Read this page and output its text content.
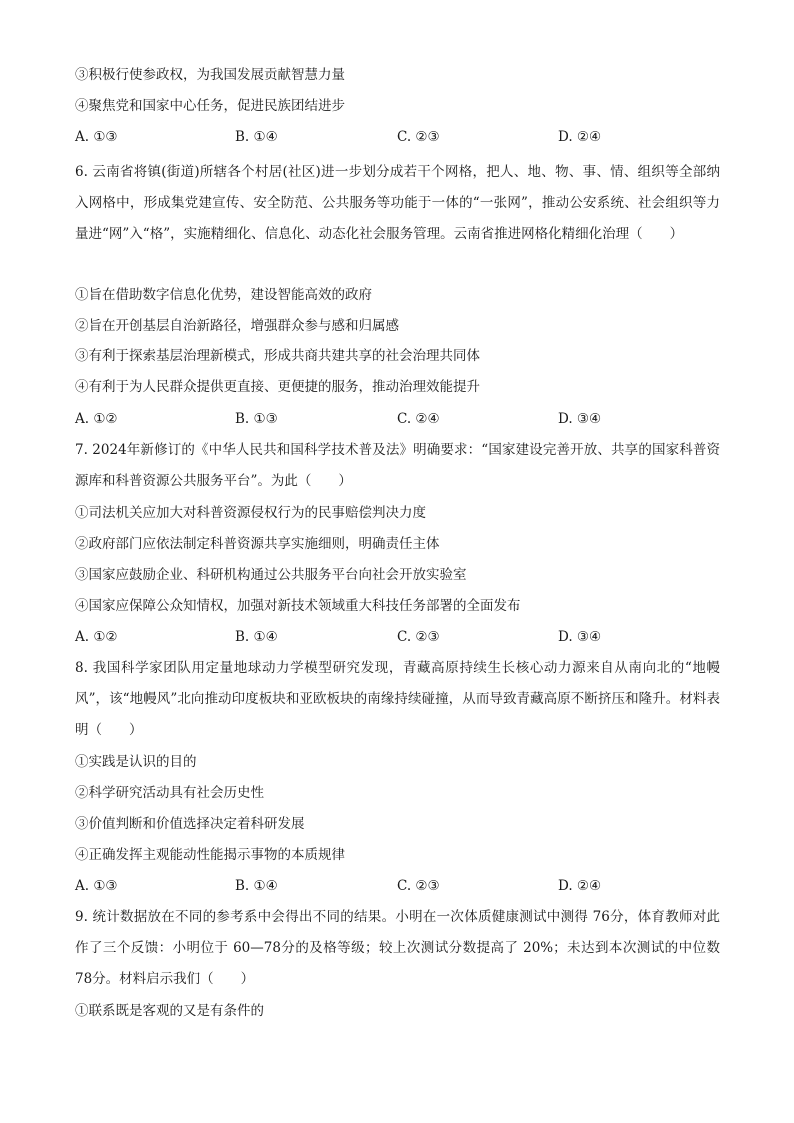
③积极行使参政权，为我国发展贡献智慧力量
④聚焦党和国家中心任务，促进民族团结进步
A. ①③	B. ①④	C. ②③	D. ②④
6. 云南省将镇(街道)所辖各个村居(社区)进一步划分成若干个网格，把人、地、物、事、情、组织等全部纳入网格中，形成集党建宣传、安全防范、公共服务等功能于一体的“一张网”，推动公安系统、社会组织等力量进“网”入“格”，实施精细化、信息化、动态化社会服务管理。云南省推进网格化精细化治理（　　）
①旨在借助数字信息化优势，建设智能高效的政府
②旨在开创基层自治新路径，增强群众参与感和归属感
③有利于探索基层治理新模式，形成共商共建共享的社会治理共同体
④有利于为人民群众提供更直接、更便捷的服务，推动治理效能提升
A. ①②	B. ①③	C. ②④	D. ③④
7. 2024年新修订的《中华人民共和国科学技术普及法》明确要求：“国家建设完善开放、共享的国家科普资源库和科普资源公共服务平台”。为此（　　）
①司法机关应加大对科普资源侵权行为的民事赔偿判决力度
②政府部门应依法制定科普资源共享实施细则，明确责任主体
③国家应鼓励企业、科研机构通过公共服务平台向社会开放实验室
④国家应保障公众知情权，加强对新技术领域重大科技任务部署的全面发布
A. ①②	B. ①④	C. ②③	D. ③④
8. 我国科学家团队用定量地球动力学模型研究发现，青藏高原持续生长核心动力源来自从南向北的“地幔风”，该“地幔风”北向推动印度板块和亚欧板块的南缘持续碰撞，从而导致青藏高原不断挤压和隆升。材料表明（　　）
①实践是认识的目的
②科学研究活动具有社会历史性
③价值判断和价值选择决定着科研发展
④正确发挥主观能动性能揭示事物的本质规律
A. ①③	B. ①④	C. ②③	D. ②④
9. 统计数据放在不同的参考系中会得出不同的结果。小明在一次体质健康测试中测得 76分，体育教师对此作了三个反馈：小明位于 60—78分的及格等级；较上次测试分数提高了 20%；未达到本次测试的中位数 78分。材料启示我们（　　）
①联系既是客观的又是有条件的
